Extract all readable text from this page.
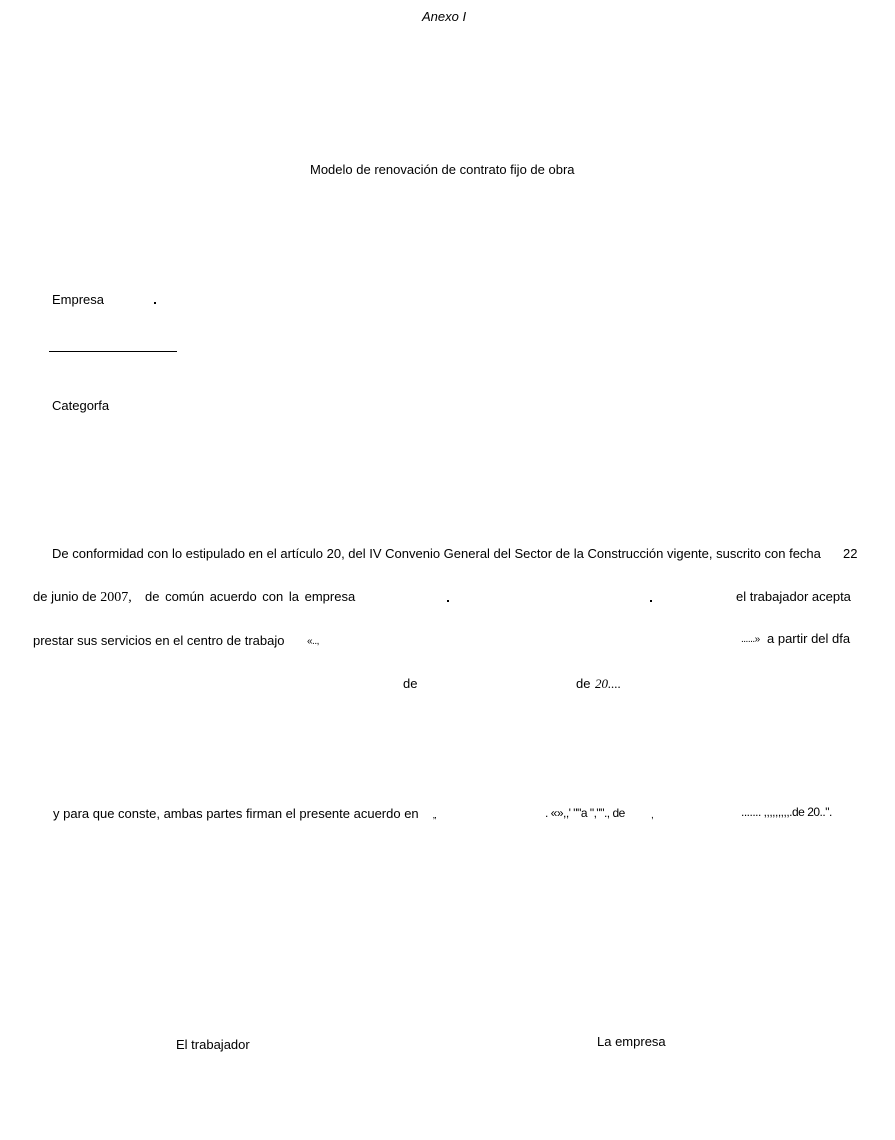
Anexo I
Modelo de renovación de contrato fijo de obra
Empresa
Categorfa
De conformidad con lo estipulado en el artículo 20, del IV Convenio General del Sector de la Construcción vigente, suscrito con fecha 22
de junio de 2007, de común acuerdo con la empresa	el trabajador acepta
prestar sus servicios en el centro de trabajo «..,	......» a partir del dfa
de	de 20....
y para que conste, ambas partes firman el presente acuerdo en „	. «»,,' ""a ",""., de	,	....... ,,,,,,,,,.de 20..".
El trabajador	La empresa
